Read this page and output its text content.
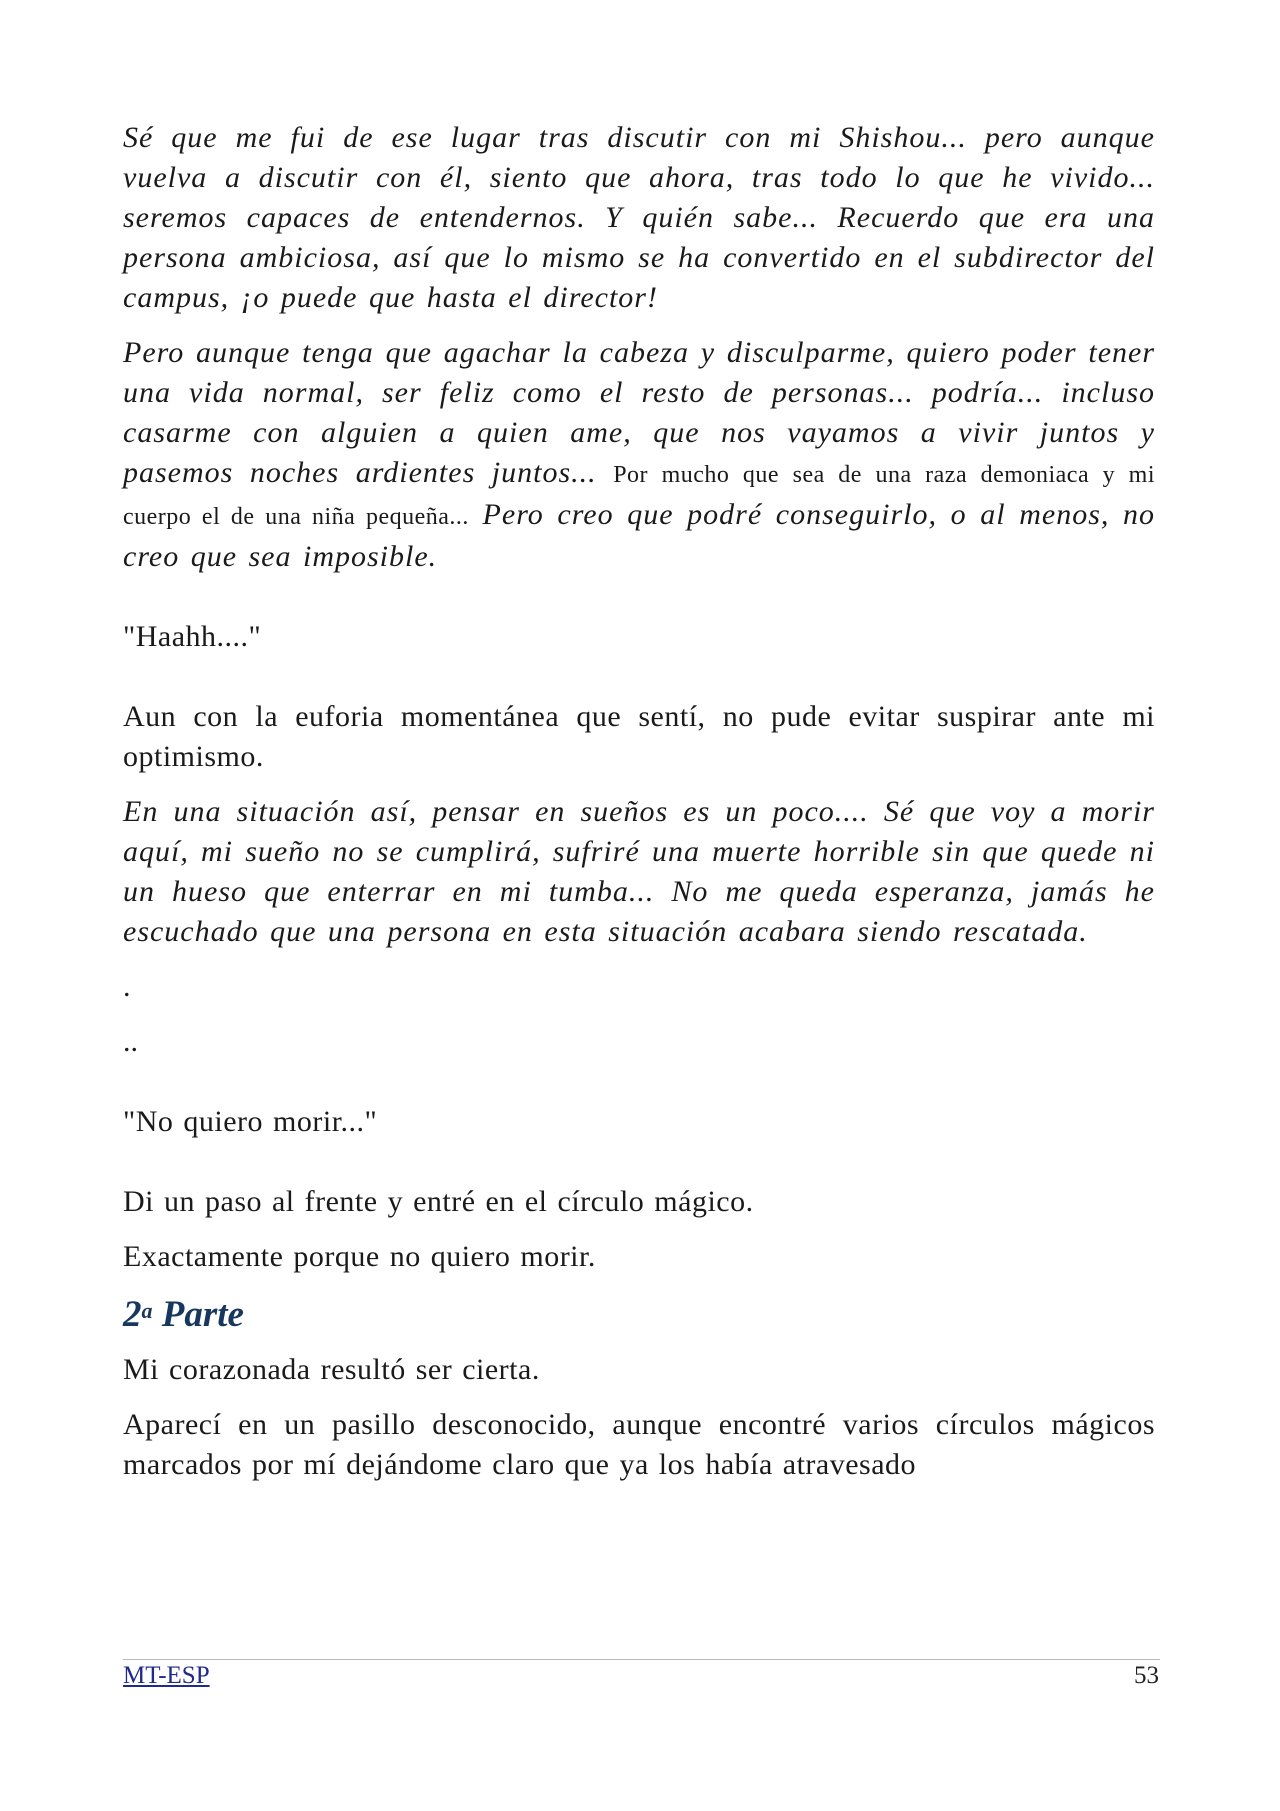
Sé que me fui de ese lugar tras discutir con mi Shishou... pero aunque vuelva a discutir con él, siento que ahora, tras todo lo que he vivido... seremos capaces de entendernos. Y quién sabe... Recuerdo que era una persona ambiciosa, así que lo mismo se ha convertido en el subdirector del campus, ¡o puede que hasta el director!

Pero aunque tenga que agachar la cabeza y disculparme, quiero poder tener una vida normal, ser feliz como el resto de personas... podría... incluso casarme con alguien a quien ame, que nos vayamos a vivir juntos y pasemos noches ardientes juntos... Por mucho que sea de una raza demoniaca y mi cuerpo el de una niña pequeña... Pero creo que podré conseguirlo, o al menos, no creo que sea imposible.

"Haahh...."

Aun con la euforia momentánea que sentí, no pude evitar suspirar ante mi optimismo.

En una situación así, pensar en sueños es un poco.... Sé que voy a morir aquí, mi sueño no se cumplirá, sufriré una muerte horrible sin que quede ni un hueso que enterrar en mi tumba... No me queda esperanza, jamás he escuchado que una persona en esta situación acabara siendo rescatada.

.

..

"No quiero morir..."

Di un paso al frente y entré en el círculo mágico.

Exactamente porque no quiero morir.

2$^a$ Parte

Mi corazonada resultó ser cierta.

Aparecí en un pasillo desconocido, aunque encontré varios círculos mágicos marcados por mí dejándome claro que ya los había atravesado

MT-ESP	53
